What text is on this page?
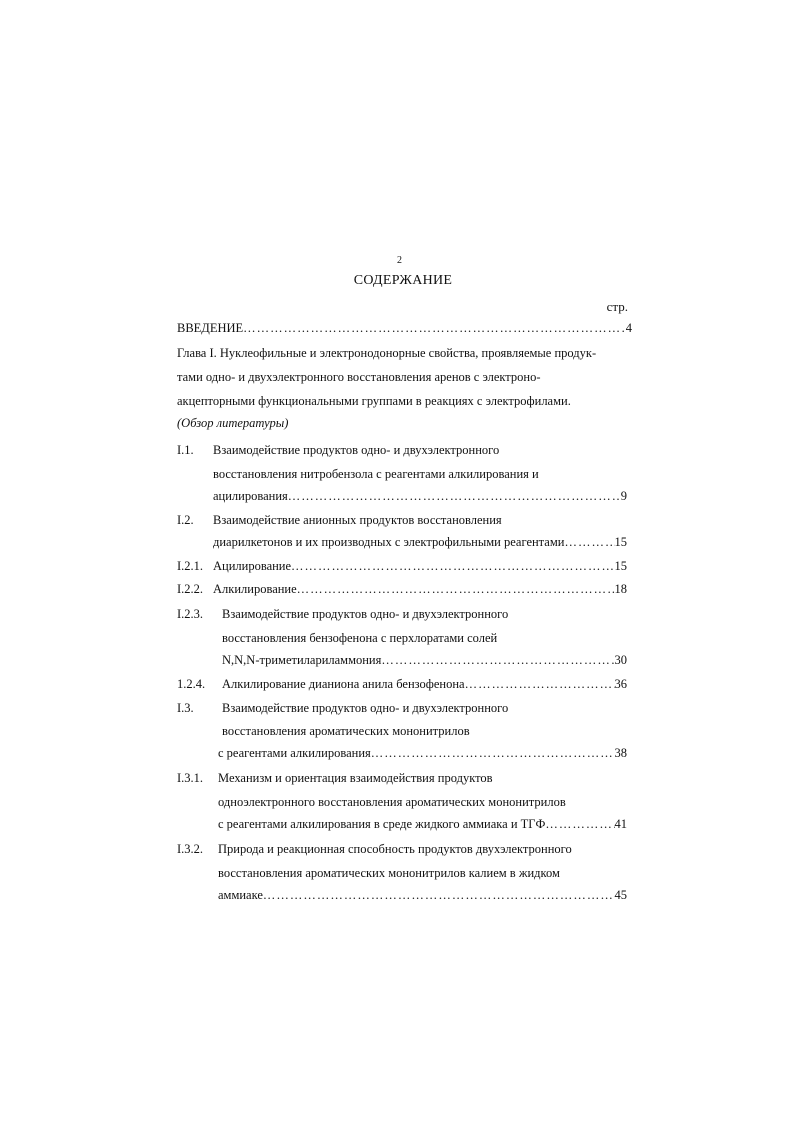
2
СОДЕРЖАНИЕ
стр.
ВВЕДЕНИЕ ………………………………………………………………………………………………………………………………………………………………………………………	4
Глава I. Нуклеофильные и электронодонорные свойства, проявляемые продук-
тами одно- и двухэлектронного восстановления аренов с электроно-
акцепторными функциональными группами в реакциях с электрофилами.
(Обзор литературы)
I.1. Взаимодействие продуктов одно- и двухэлектронного
восстановления нитробензола с реагентами алкилирования и
ацилирования ………………………………………………………………………………………………………………………………………………………………………………………	9
I.2. Взаимодействие анионных продуктов восстановления
диарилкетонов и их производных с электрофильными реагентами ………………………………………………………………………………………………………………………………………………………………………………………	15
I.2.1. Ацилирование ………………………………………………………………………………………………………………………………………………………………………………………	15
I.2.2. Алкилирование ………………………………………………………………………………………………………………………………………………………………………………………	18
I.2.3. Взаимодействие продуктов одно- и двухэлектронного
восстановления бензофенона с перхлоратами солей
N,N,N-триметилариламмония ………………………………………………………………………………………………………………………………………………………………………………………	30
1.2.4. Алкилирование дианиона анила бензофенона ………………………………………………………………………………………………………………………………………………………………………………………	36
I.3. Взаимодействие продуктов одно- и двухэлектронного
восстановления ароматических мононитрилов
с реагентами алкилирования ………………………………………………………………………………………………………………………………………………………………………………………	38
I.3.1. Механизм и ориентация взаимодействия продуктов
одноэлектронного восстановления ароматических мононитрилов
с реагентами алкилирования в среде жидкого аммиака и ТГФ ………………………………………………………………………………………………………………………………………………………………………………………	41
I.3.2. Природа и реакционная способность продуктов двухэлектронного
восстановления ароматических мононитрилов калием в жидком
аммиаке ………………………………………………………………………………………………………………………………………………………………………………………	45
